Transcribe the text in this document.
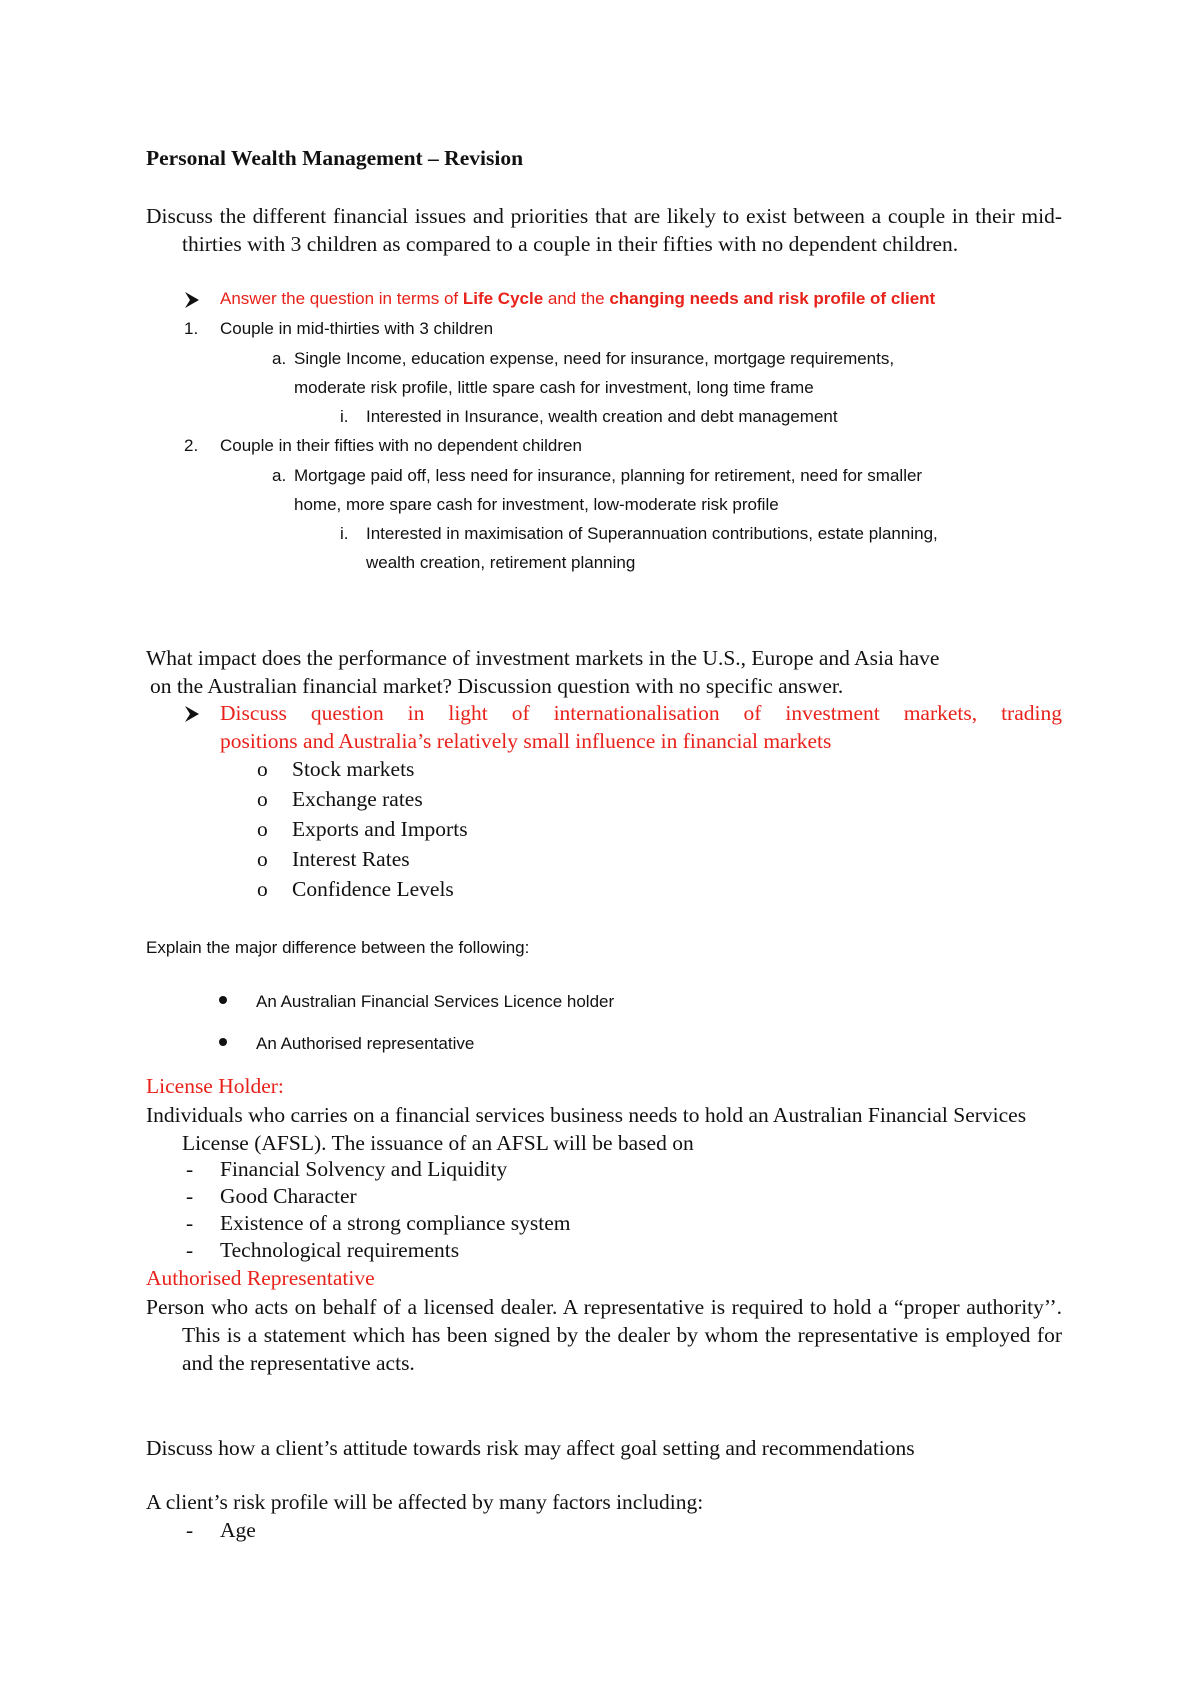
Personal Wealth Management – Revision
Discuss the different financial issues and priorities that are likely to exist between a couple in their mid-thirties with 3 children as compared to a couple in their fifties with no dependent children.
Answer the question in terms of Life Cycle and the changing needs and risk profile of client
1. Couple in mid-thirties with 3 children
a. Single Income, education expense, need for insurance, mortgage requirements,
moderate risk profile, little spare cash for investment, long time frame
i. Interested in Insurance, wealth creation and debt management
2. Couple in their fifties with no dependent children
a. Mortgage paid off, less need for insurance, planning for retirement, need for smaller
home, more spare cash for investment, low-moderate risk profile
i. Interested in maximisation of Superannuation contributions, estate planning,
wealth creation, retirement planning
What impact does the performance of investment markets in the U.S., Europe and Asia have
on the Australian financial market? Discussion question with no specific answer.
Discuss question in light of internationalisation of investment markets, trading
positions and Australia’s relatively small influence in financial markets
o Stock markets
o Exchange rates
o Exports and Imports
o Interest Rates
o Confidence Levels
Explain the major difference between the following:
An Australian Financial Services Licence holder
An Authorised representative
License Holder:
Individuals who carries on a financial services business needs to hold an Australian Financial Services License (AFSL). The issuance of an AFSL will be based on
- Financial Solvency and Liquidity
- Good Character
- Existence of a strong compliance system
- Technological requirements
Authorised Representative
Person who acts on behalf of a licensed dealer. A representative is required to hold a “proper authority’’. This is a statement which has been signed by the dealer by whom the representative is employed for and the representative acts.
Discuss how a client’s attitude towards risk may affect goal setting and recommendations
A client’s risk profile will be affected by many factors including:
- Age
